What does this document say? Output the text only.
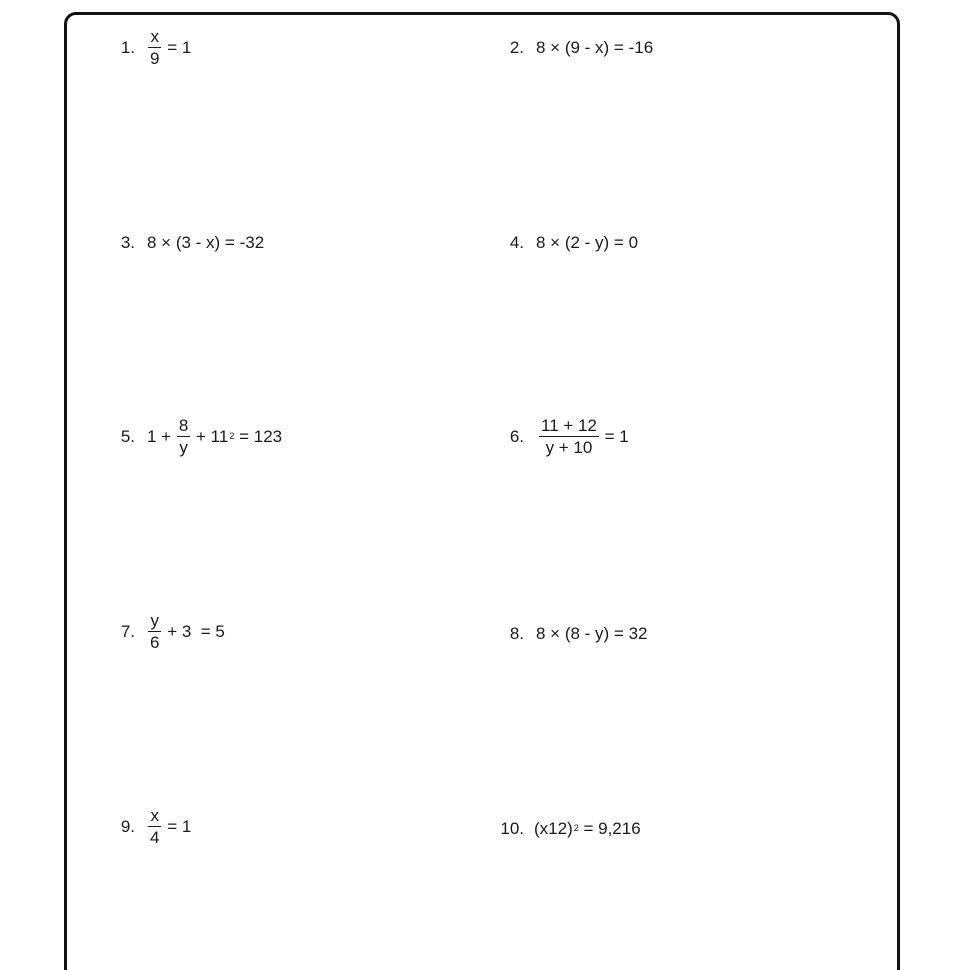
1. $\frac{x}{9} = 1$	2. 8 × (9 - x) = -16
3. 8 × (3 - x) = -32	4. 8 × (2 - y) = 0
5. $1 + \frac{8}{y} + 11$ 2 = 123	6. $\frac{11 + 12}{y + 10} = 1$
7. $\frac{y}{6} + 3 = 5$	8. 8 × (8 - y) = 32
9. $\frac{x}{4} = 1$	10. (x12) 2 = 9,216
